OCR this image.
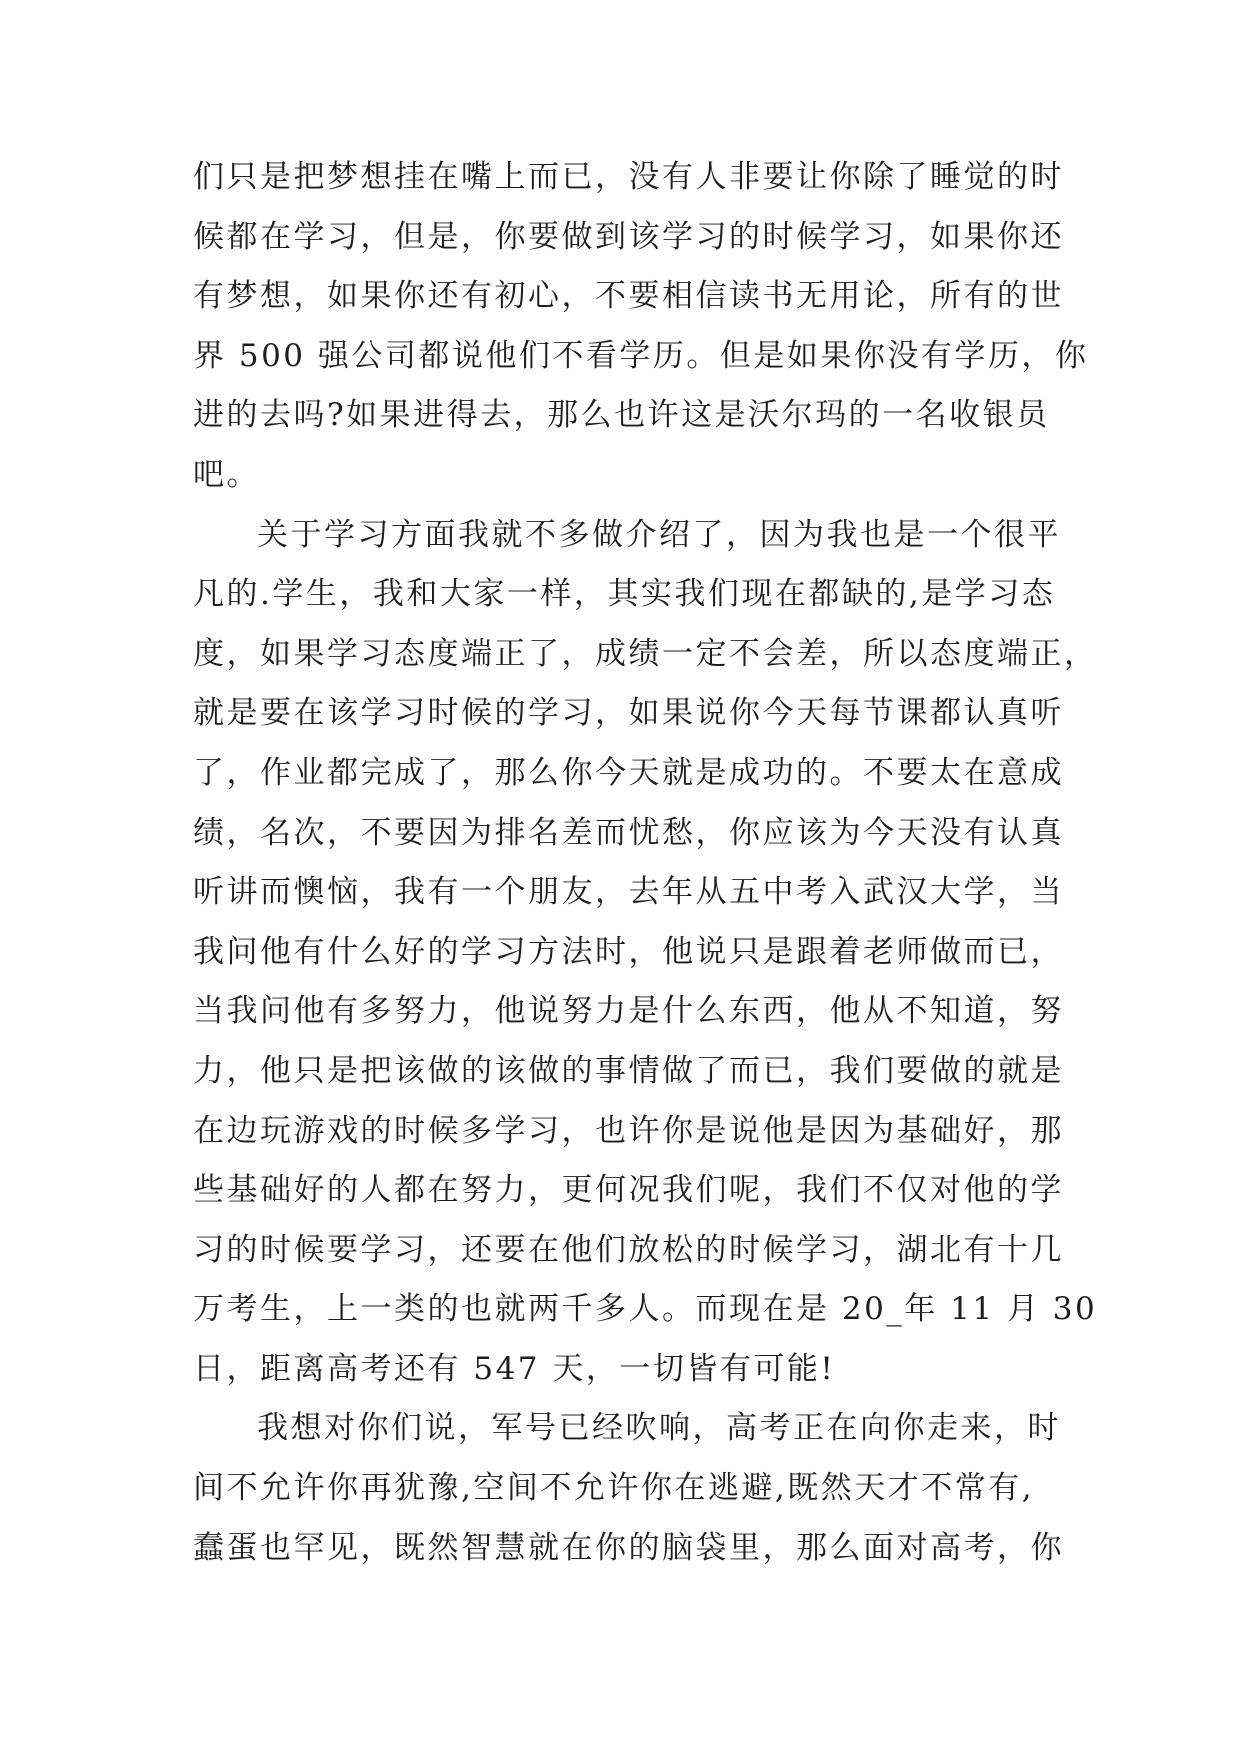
们只是把梦想挂在嘴上而已，没有人非要让你除了睡觉的时
候都在学习，但是，你要做到该学习的时候学习，如果你还
有梦想，如果你还有初心，不要相信读书无用论，所有的世
界 500 强公司都说他们不看学历。但是如果你没有学历，你
进的去吗?如果进得去，那么也许这是沃尔玛的一名收银员
吧。
关于学习方面我就不多做介绍了，因为我也是一个很平
凡的.学生，我和大家一样，其实我们现在都缺的,是学习态
度，如果学习态度端正了，成绩一定不会差，所以态度端正，
就是要在该学习时候的学习，如果说你今天每节课都认真听
了，作业都完成了，那么你今天就是成功的。不要太在意成
绩，名次，不要因为排名差而忧愁，你应该为今天没有认真
听讲而懊恼，我有一个朋友，去年从五中考入武汉大学，当
我问他有什么好的学习方法时，他说只是跟着老师做而已，
当我问他有多努力，他说努力是什么东西，他从不知道，努
力，他只是把该做的该做的事情做了而已，我们要做的就是
在边玩游戏的时候多学习，也许你是说他是因为基础好，那
些基础好的人都在努力，更何况我们呢，我们不仅对他的学
习的时候要学习，还要在他们放松的时候学习，湖北有十几
万考生，上一类的也就两千多人。而现在是 20_年 11 月 30
日，距离高考还有 547 天，一切皆有可能!
我想对你们说，军号已经吹响，高考正在向你走来，时
间不允许你再犹豫,空间不允许你在逃避,既然天才不常有,
蠢蛋也罕见，既然智慧就在你的脑袋里，那么面对高考，你
